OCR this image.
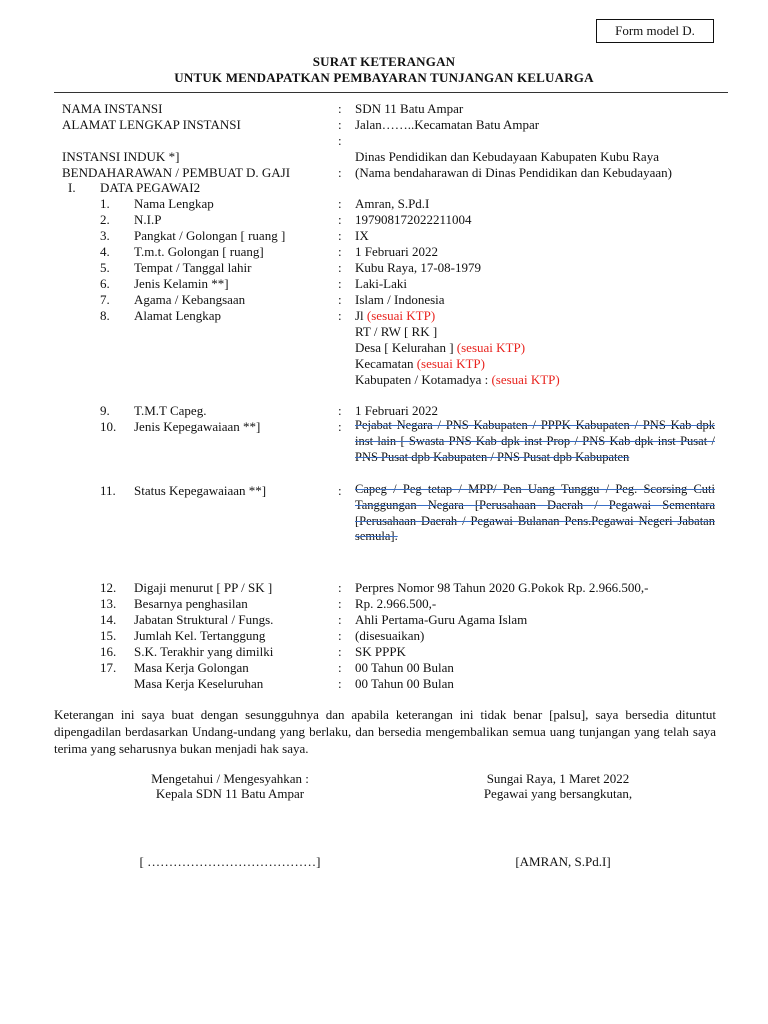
Form model D.
SURAT KETERANGAN
UNTUK MENDAPATKAN PEMBAYARAN TUNJANGAN KELUARGA
NAMA INSTANSI	: SDN 11 Batu Ampar
ALAMAT LENGKAP INSTANSI	: Jalan……..Kecamatan Batu Ampar
:
INSTANSI INDUK *]	Dinas Pendidikan dan Kebudayaan Kabupaten Kubu Raya
BENDAHARAWAN / PEMBUAT D. GAJI	: (Nama bendaharawan di Dinas Pendidikan dan Kebudayaan)
I. DATA PEGAWAI2
1. Nama Lengkap	: Amran, S.Pd.I
2. N.I.P	: 197908172022211004
3. Pangkat / Golongan [ ruang ]	: IX
4. T.m.t. Golongan [ ruang]	: 1 Februari 2022
5. Tempat / Tanggal lahir	: Kubu Raya, 17-08-1979
6. Jenis Kelamin **]	: Laki-Laki
7. Agama / Kebangsaan	: Islam / Indonesia
8. Alamat Lengkap	: Jl (sesuai KTP)
RT / RW [ RK ]
Desa [ Kelurahan ] (sesuai KTP)
Kecamatan (sesuai KTP)
Kabupaten / Kotamadya : (sesuai KTP)
9. T.M.T Capeg.	: 1 Februari 2022
10. Jenis Kepegawaiaan **]	: Pejabat Negara / PNS Kabupaten / PPPK Kabupaten / PNS Kab dpk inst lain [ Swasta PNS Kab dpk inst Prop / PNS Kab dpk inst Pusat / PNS Pusat dpb Kabupaten / PNS Pusat dpb Kabupaten
11. Status Kepegawaiaan **]	: Capeg / Peg tetap / MPP/ Pen Uang Tunggu / Peg. Scorsing Cuti Tanggungan Negara [Perusahaan Daerah / Pegawai Sementara [Perusahaan Daerah / Pegawai Bulanan Pens.Pegawai Negeri Jabatan semula].
12. Digaji menurut [ PP / SK ]	: Perpres Nomor 98 Tahun 2020 G.Pokok Rp. 2.966.500,-
13. Besarnya penghasilan	: Rp. 2.966.500,-
14. Jabatan Struktural / Fungs.	: Ahli Pertama-Guru Agama Islam
15. Jumlah Kel. Tertanggung	: (disesuaikan)
16. S.K. Terakhir yang dimilki	: SK PPPK
17. Masa Kerja Golongan	: 00 Tahun 00 Bulan
Masa Kerja Keseluruhan	: 00 Tahun 00 Bulan
Keterangan ini saya buat dengan sesungguhnya dan apabila keterangan ini tidak benar [palsu], saya bersedia dituntut dipengadilan berdasarkan Undang-undang yang berlaku, dan bersedia mengembalikan semua uang tunjangan yang telah saya terima yang seharusnya bukan menjadi hak saya.
Mengetahui / Mengesyahkan :
Kepala SDN 11 Batu Ampar
Sungai Raya, 1 Maret 2022
Pegawai yang bersangkutan,
[ …………………………………]	[AMRAN, S.Pd.I]
